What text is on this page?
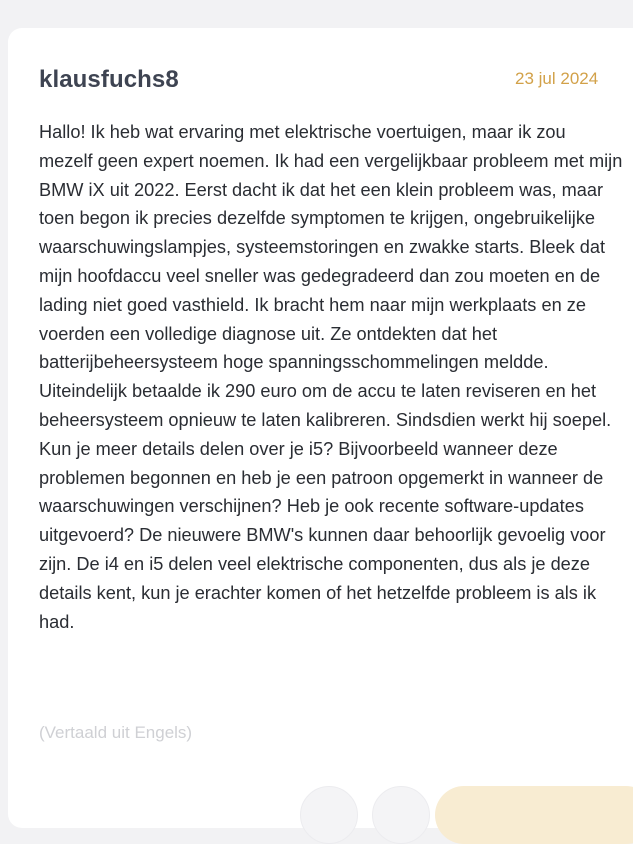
klausfuchs8	23 jul 2024
Hallo! Ik heb wat ervaring met elektrische voertuigen, maar ik zou mezelf geen expert noemen. Ik had een vergelijkbaar probleem met mijn BMW iX uit 2022. Eerst dacht ik dat het een klein probleem was, maar toen begon ik precies dezelfde symptomen te krijgen, ongebruikelijke waarschuwingslampjes, systeemstoringen en zwakke starts. Bleek dat mijn hoofdaccu veel sneller was gedegradeerd dan zou moeten en de lading niet goed vasthield. Ik bracht hem naar mijn werkplaats en ze voerden een volledige diagnose uit. Ze ontdekten dat het batterijbeheersysteem hoge spanningsschommelingen meldde. Uiteindelijk betaalde ik 290 euro om de accu te laten reviseren en het beheersysteem opnieuw te laten kalibreren. Sindsdien werkt hij soepel. Kun je meer details delen over je i5? Bijvoorbeeld wanneer deze problemen begonnen en heb je een patroon opgemerkt in wanneer de waarschuwingen verschijnen? Heb je ook recente software-updates uitgevoerd? De nieuwere BMW's kunnen daar behoorlijk gevoelig voor zijn. De i4 en i5 delen veel elektrische componenten, dus als je deze details kent, kun je erachter komen of het hetzelfde probleem is als ik had.
(Vertaald uit Engels)
